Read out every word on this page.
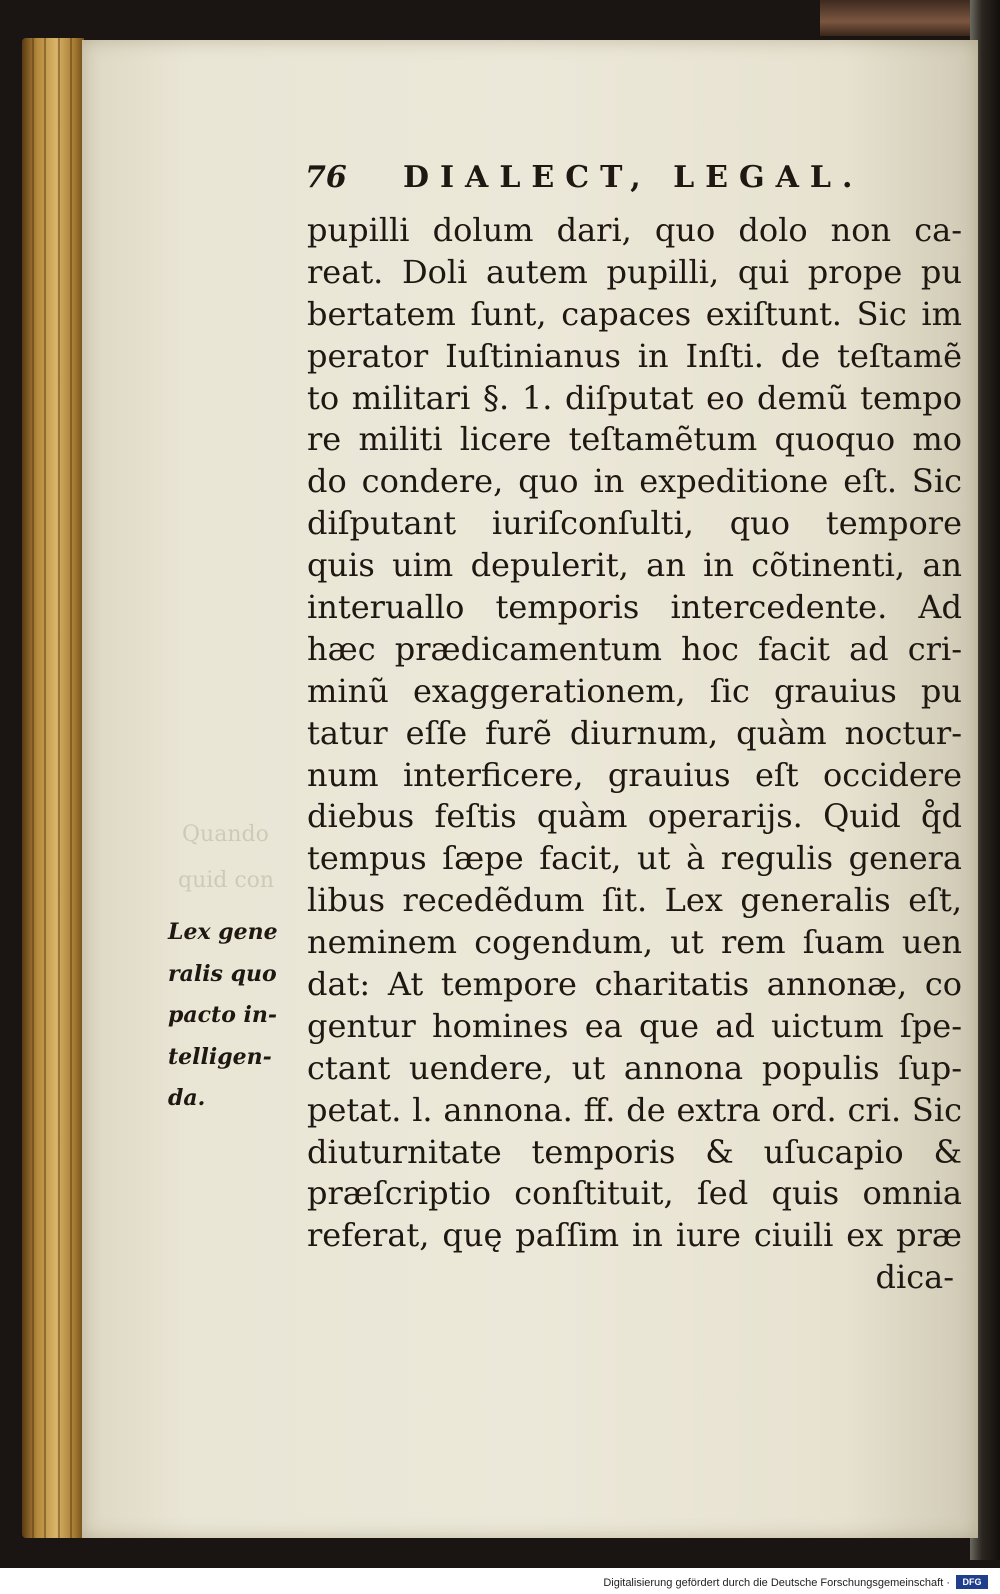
Quando
quid con
76	DIALECT, LEGAL.
pupilli dolum dari, quo dolo non ca-
reat. Doli autem pupilli, qui prope pu
bertatem ſunt, capaces exiſtunt. Sic im
perator Iuſtinianus in Inſti. de teſtamẽ
to militari §. 1. diſputat eo demũ tempo
re militi licere teſtamẽtum quoquo mo
do condere, quo in expeditione eſt. Sic
diſputant iuriſconſulti, quo tempore
quis uim depulerit, an in cõtinenti, an
interuallo temporis intercedente. Ad
hæc prædicamentum hoc facit ad cri-
minũ exaggerationem, ſic grauius pu
tatur eſſe furẽ diurnum, quàm noctur-
num interficere, grauius eſt occidere
diebus feſtis quàm operarijs. Quid q̊d
tempus ſæpe facit, ut à regulis genera
libus recedẽdum ſit. Lex generalis eſt,
neminem cogendum, ut rem ſuam uen
dat: At tempore charitatis annonæ, co
gentur homines ea que ad uictum ſpe-
ctant uendere, ut annona populis ſup-
petat. l. annona. ff. de extra ord. cri. Sic
diuturnitate temporis & uſucapio &
præſcriptio conſtituit, ſed quis omnia
referat, quę paſſim in iure ciuili ex præ
dica-
Lex gene
ralis quo
pacto in-
telligen-
da.
Digitalisierung gefördert durch die Deutsche Forschungsgemeinschaft ·	DFG
